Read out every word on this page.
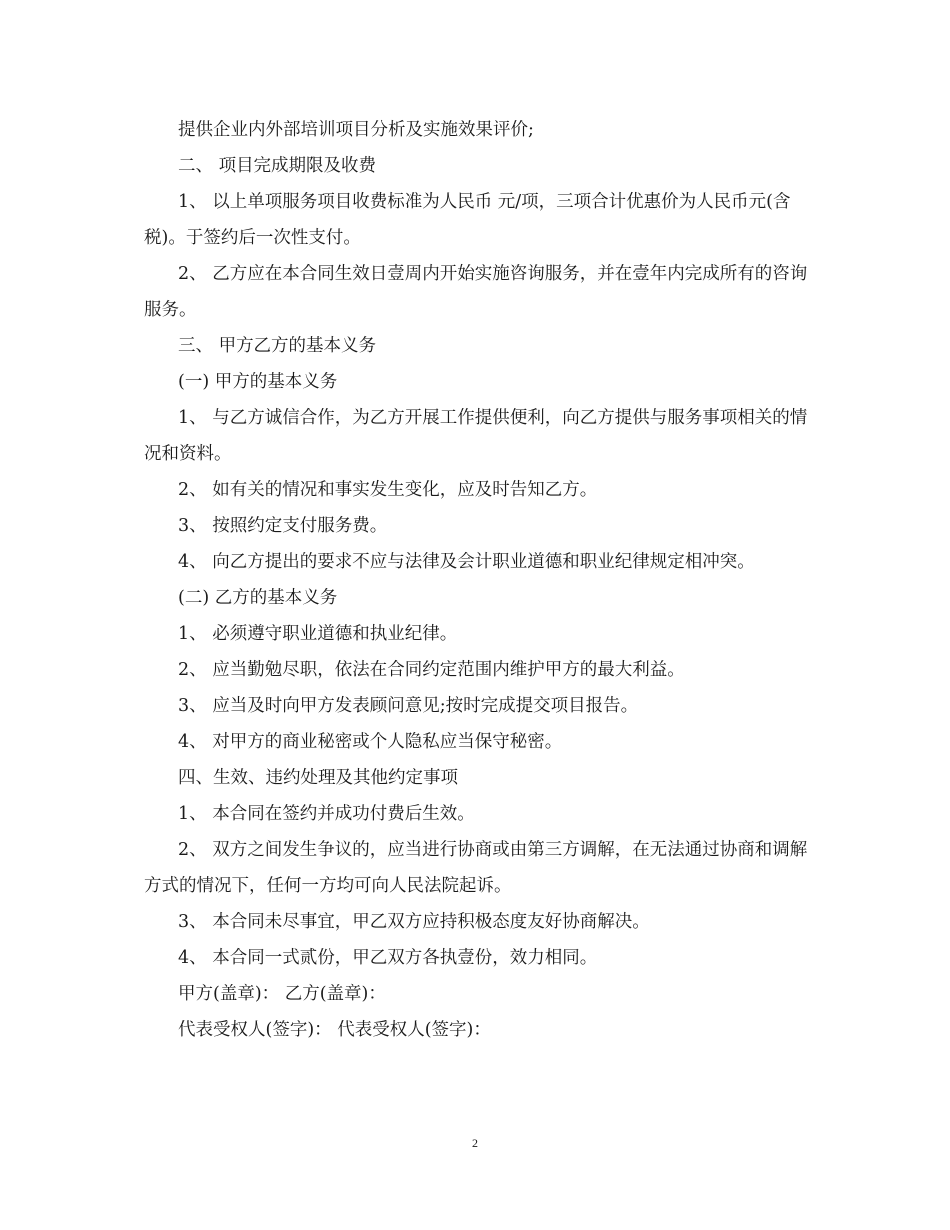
提供企业内外部培训项目分析及实施效果评价;

二、 项目完成期限及收费

1、 以上单项服务项目收费标准为人民币 元/项，三项合计优惠价为人民币元(含税)。于签约后一次性支付。

2、 乙方应在本合同生效日壹周内开始实施咨询服务，并在壹年内完成所有的咨询服务。

三、 甲方乙方的基本义务

(一) 甲方的基本义务

1、 与乙方诚信合作，为乙方开展工作提供便利，向乙方提供与服务事项相关的情况和资料。

2、 如有关的情况和事实发生变化，应及时告知乙方。

3、 按照约定支付服务费。

4、 向乙方提出的要求不应与法律及会计职业道德和职业纪律规定相冲突。

(二) 乙方的基本义务

1、 必须遵守职业道德和执业纪律。

2、 应当勤勉尽职，依法在合同约定范围内维护甲方的最大利益。

3、 应当及时向甲方发表顾问意见;按时完成提交项目报告。

4、 对甲方的商业秘密或个人隐私应当保守秘密。

四、生效、违约处理及其他约定事项

1、 本合同在签约并成功付费后生效。

2、 双方之间发生争议的，应当进行协商或由第三方调解，在无法通过协商和调解方式的情况下，任何一方均可向人民法院起诉。

3、 本合同未尽事宜，甲乙双方应持积极态度友好协商解决。

4、 本合同一式贰份，甲乙双方各执壹份，效力相同。

甲方(盖章)： 乙方(盖章)：

代表受权人(签字)： 代表受权人(签字)：

2
